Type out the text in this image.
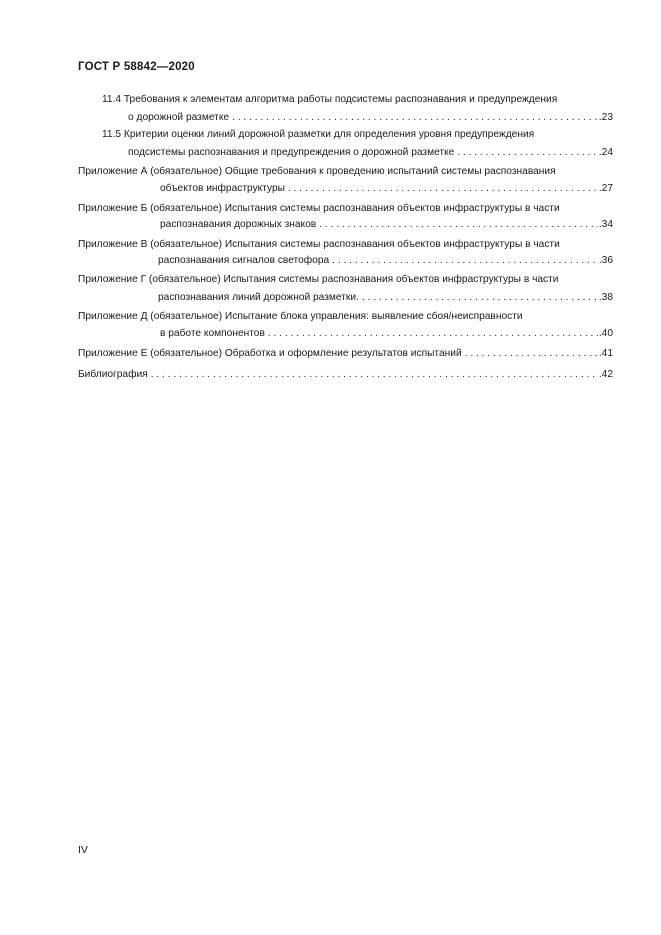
ГОСТ Р 58842—2020
11.4 Требования к элементам алгоритма работы подсистемы распознавания и предупреждения
о дорожной разметке . . .	.23
11.5 Критерии оценки линий дорожной разметки для определения уровня предупреждения
подсистемы распознавания и предупреждения о дорожной разметке . . .	.24
Приложение А (обязательное) Общие требования к проведению испытаний системы распознавания
объектов инфраструктуры . . .	.27
Приложение Б (обязательное) Испытания системы распознавания объектов инфраструктуры в части
распознавания дорожных знаков . . .	.34
Приложение В (обязательное) Испытания системы распознавания объектов инфраструктуры в части
распознавания сигналов светофора . . .	.36
Приложение Г (обязательное) Испытания системы распознавания объектов инфраструктуры в части
распознавания линий дорожной разметки. . . .	.38
Приложение Д (обязательное) Испытание блока управления: выявление сбоя/неисправности
в работе компонентов . . .	.40
Приложение Е (обязательное) Обработка и оформление результатов испытаний . . .	.41
Библиография . . .	.42
IV
